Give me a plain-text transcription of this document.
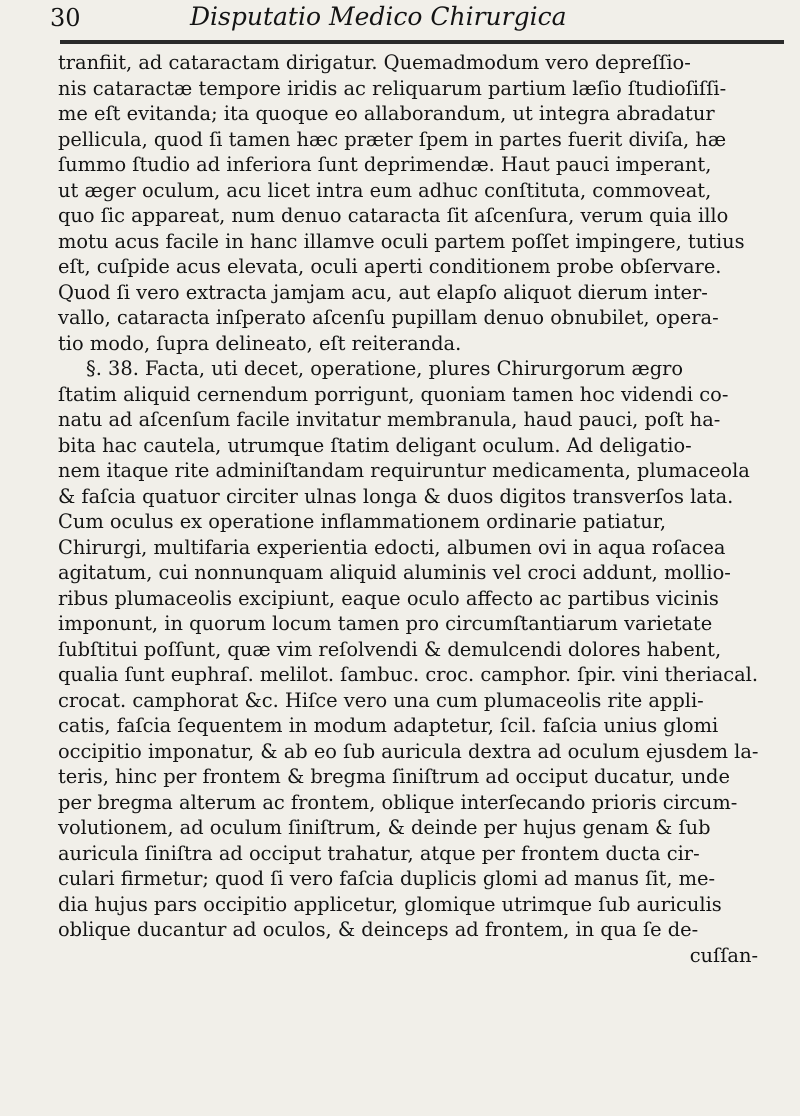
30	Disputatio Medico Chirurgica
tranfiit, ad cataractam dirigatur. Quemadmodum vero depreſſio-
nis cataractæ tempore iridis ac reliquarum partium læſio ſtudioſiſſi-
me eſt evitanda; ita quoque eo allaborandum, ut integra abradatur
pellicula, quod ſi tamen hæc præter ſpem in partes fuerit diviſa, hæ
ſummo ſtudio ad inferiora ſunt deprimendæ. Haut pauci imperant,
ut æger oculum, acu licet intra eum adhuc conſtituta, commoveat,
quo ſic appareat, num denuo cataracta ſit aſcenſura, verum quia illo
motu acus facile in hanc illamve oculi partem poſſet impingere, tutius
eſt, cuſpide acus elevata, oculi aperti conditionem probe obſervare.
Quod ſi vero extracta jamjam acu, aut elapſo aliquot dierum inter-
vallo, cataracta inſperato aſcenſu pupillam denuo obnubilet, opera-
tio modo, ſupra delineato, eſt reiteranda.
§. 38. Facta, uti decet, operatione, plures Chirurgorum ægro
ſtatim aliquid cernendum porrigunt, quoniam tamen hoc videndi co-
natu ad aſcenſum facile invitatur membranula, haud pauci, poſt ha-
bita hac cautela, utrumque ſtatim deligant oculum. Ad deligatio-
nem itaque rite adminiſtandam requiruntur medicamenta, plumaceola
& faſcia quatuor circiter ulnas longa & duos digitos transverſos lata.
Cum oculus ex operatione inflammationem ordinarie patiatur,
Chirurgi, multifaria experientia edocti, albumen ovi in aqua roſacea
agitatum, cui nonnunquam aliquid aluminis vel croci addunt, mollio-
ribus plumaceolis excipiunt, eaque oculo affecto ac partibus vicinis
imponunt, in quorum locum tamen pro circumſtantiarum varietate
ſubſtitui poſſunt, quæ vim reſolvendi & demulcendi dolores habent,
qualia ſunt euphraſ. melilot. ſambuc. croc. camphor. ſpir. vini theriacal.
crocat. camphorat &c. Hiſce vero una cum plumaceolis rite appli-
catis, faſcia ſequentem in modum adaptetur, ſcil. faſcia unius glomi
occipitio imponatur, & ab eo ſub auricula dextra ad oculum ejusdem la-
teris, hinc per frontem & bregma ſiniſtrum ad occiput ducatur, unde
per bregma alterum ac frontem, oblique interſecando prioris circum-
volutionem, ad oculum ſiniſtrum, & deinde per hujus genam & ſub
auricula ſiniſtra ad occiput trahatur, atque per frontem ducta cir-
culari firmetur; quod ſi vero faſcia duplicis glomi ad manus ſit, me-
dia hujus pars occipitio applicetur, glomique utrimque ſub auriculis
oblique ducantur ad oculos, & deinceps ad frontem, in qua ſe de-
cuſſan-
